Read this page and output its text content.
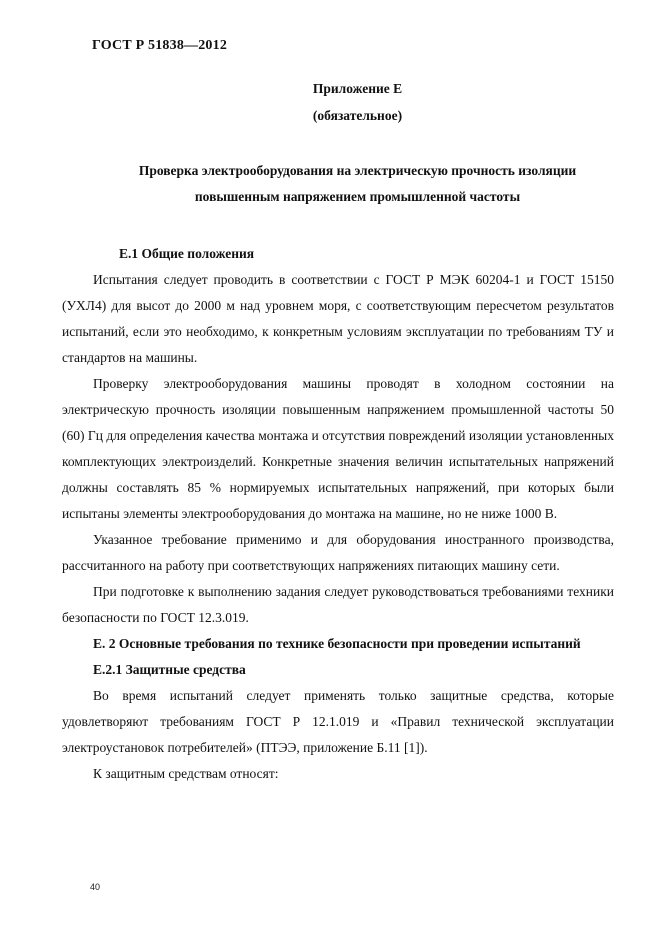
ГОСТ Р 51838—2012
Приложение Е
(обязательное)
Проверка электрооборудования на электрическую прочность изоляции
повышенным напряжением промышленной частоты
Е.1 Общие положения

Испытания следует проводить в соответствии с ГОСТ Р МЭК 60204-1 и ГОСТ 15150 (УХЛ4) для высот до 2000 м над уровнем моря, с соответствующим пересчетом результатов испытаний, если это необходимо, к конкретным условиям эксплуатации по требованиям ТУ и стандартов на машины.

Проверку электрооборудования машины проводят в холодном состоянии на электрическую прочность изоляции повышенным напряжением промышленной частоты 50 (60) Гц для определения качества монтажа и отсутствия повреждений изоляции установленных комплектующих электроизделий. Конкретные значения величин испытательных напряжений должны составлять 85 % нормируемых испытательных напряжений, при которых были испытаны элементы электрооборудования до монтажа на машине, но не ниже 1000 В.

Указанное требование применимо и для оборудования иностранного производства, рассчитанного на работу при соответствующих напряжениях питающих машину сети.

При подготовке к выполнению задания следует руководствоваться требованиями техники безопасности по ГОСТ 12.3.019.

Е. 2 Основные требования по технике безопасности при проведении испытаний
Е.2.1 Защитные средства

Во время испытаний следует применять только защитные средства, которые удовлетворяют требованиям ГОСТ Р 12.1.019 и «Правил технической эксплуатации электроустановок потребителей» (ПТЭЭ, приложение Б.11 [1]).

К защитным средствам относят:

40
